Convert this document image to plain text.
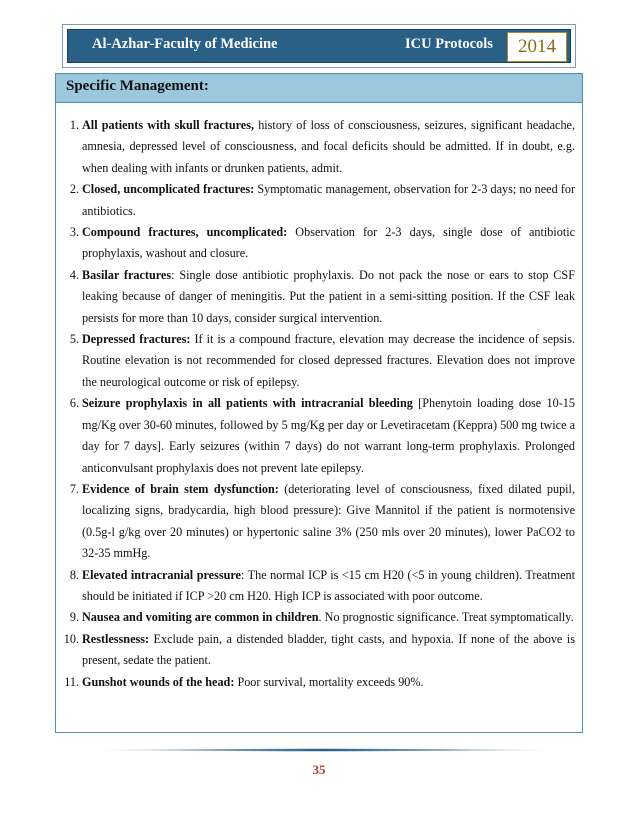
Al-Azhar-Faculty of Medicine	ICU Protocols	2014
Specific Management:
1. All patients with skull fractures, history of loss of consciousness, seizures, significant headache, amnesia, depressed level of consciousness, and focal deficits should be admitted. If in doubt, e.g. when dealing with infants or drunken patients, admit.
2. Closed, uncomplicated fractures: Symptomatic management, observation for 2-3 days; no need for antibiotics.
3. Compound fractures, uncomplicated: Observation for 2-3 days, single dose of antibiotic prophylaxis, washout and closure.
4. Basilar fractures: Single dose antibiotic prophylaxis. Do not pack the nose or ears to stop CSF leaking because of danger of meningitis. Put the patient in a semi-sitting position. If the CSF leak persists for more than 10 days, consider surgical intervention.
5. Depressed fractures: If it is a compound fracture, elevation may decrease the incidence of sepsis. Routine elevation is not recommended for closed depressed fractures. Elevation does not improve the neurological outcome or risk of epilepsy.
6. Seizure prophylaxis in all patients with intracranial bleeding [Phenytoin loading dose 10-15 mg/Kg over 30-60 minutes, followed by 5 mg/Kg per day or Levetiracetam (Keppra) 500 mg twice a day for 7 days]. Early seizures (within 7 days) do not warrant long-term prophylaxis. Prolonged anticonvulsant prophylaxis does not prevent late epilepsy.
7. Evidence of brain stem dysfunction: (deteriorating level of consciousness, fixed dilated pupil, localizing signs, bradycardia, high blood pressure): Give Mannitol if the patient is normotensive (0.5g-l g/kg over 20 minutes) or hypertonic saline 3% (250 mls over 20 minutes), lower PaCO2 to 32-35 mmHg.
8. Elevated intracranial pressure: The normal ICP is <15 cm H20 (<5 in young children). Treatment should be initiated if ICP >20 cm H20. High ICP is associated with poor outcome.
9. Nausea and vomiting are common in children. No prognostic significance. Treat symptomatically.
10. Restlessness: Exclude pain, a distended bladder, tight casts, and hypoxia. If none of the above is present, sedate the patient.
11. Gunshot wounds of the head: Poor survival, mortality exceeds 90%.
35
